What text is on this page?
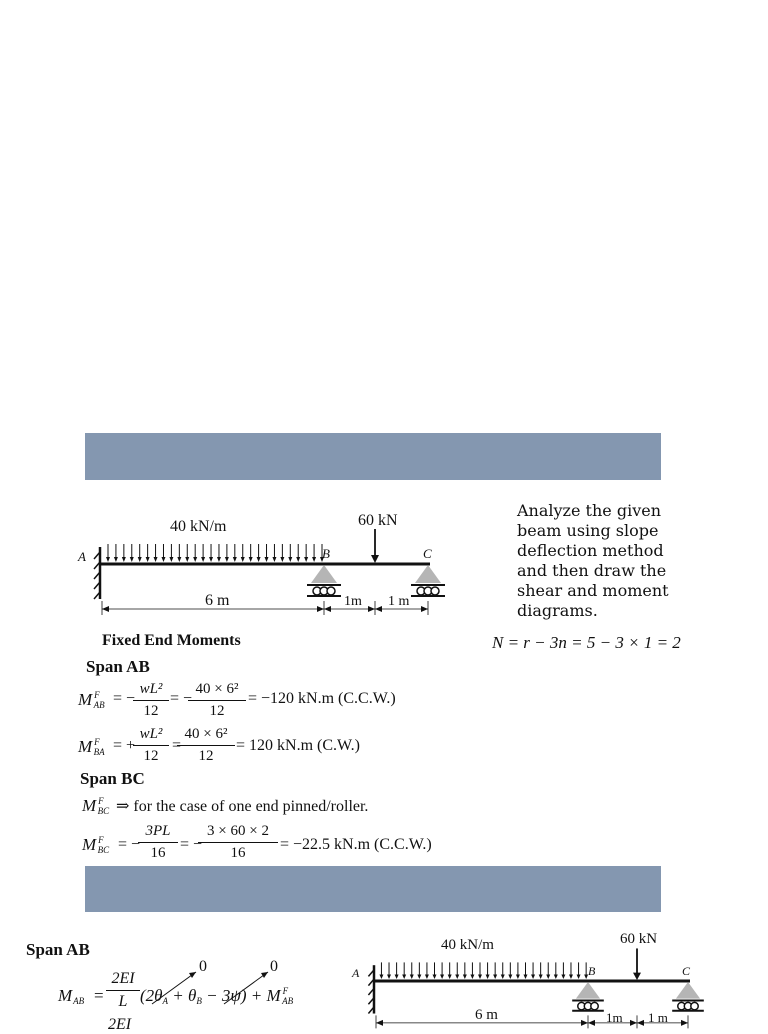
40 kN/m	60 kN
A	B	C
6 m	1m 1 m

Analyze the given

beam using slope

deflection method

and then draw the

shear and moment

diagrams.

N = r − 3n = 5 − 3 × 1 = 2
Fixed End Moments
Span AB
M $^F_{AB}$ = −
wL²
12
= −
40 × 6²
12
= −120 kN.m (C.C.W.)
M $^F_{BA}$ = +
wL²
12
=
40 × 6²
12
= 120 kN.m (C.W.)
Span BC
M $^F_{BC}$ ⇒ for the case of one end pinned/roller.
M $^F_{BC}$ = −
3PL
16 = −
3 × 60 × 2
16	= −22.5 kN.m (C.C.W.)
Span AB
$M_{AB}$ =
2EI
L $(2\theta_A + \theta_B - 3\psi) + M$ $^F_{AB}$
0	0
2EI
40 kN/m	60 kN
A	B	C
6 m	1m 1 m
